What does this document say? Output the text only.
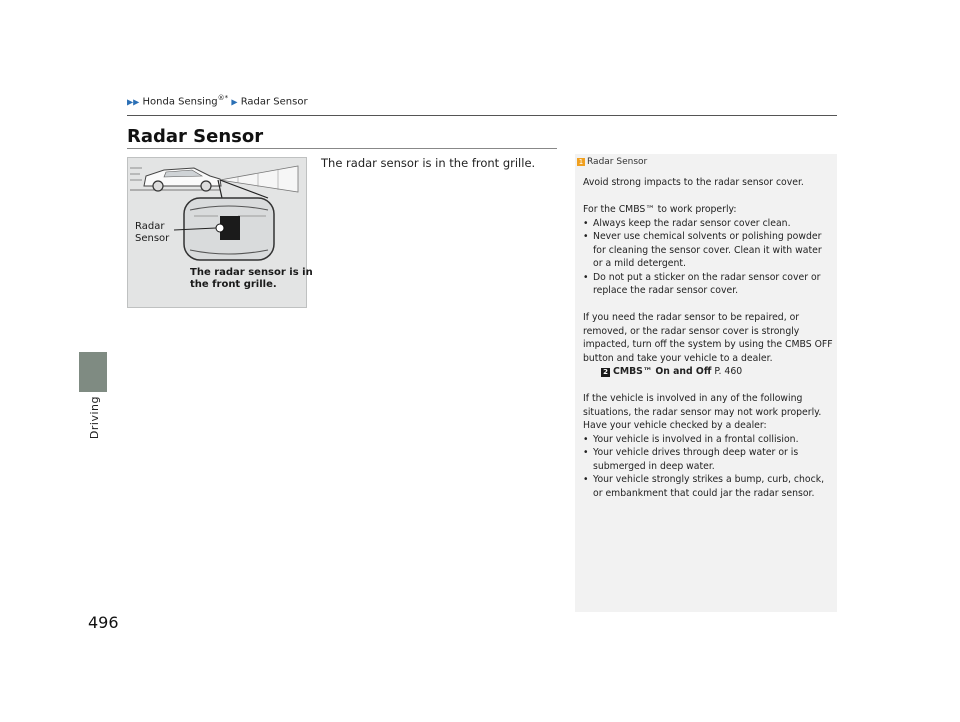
▶▶ Honda Sensing®* ▶ Radar Sensor
Radar Sensor
Driving
496
Radar
Sensor
The radar sensor is in
the front grille.
The radar sensor is in the front grille.	1 Radar Sensor

Avoid strong impacts to the radar sensor cover.

For the CMBS™ to work properly:
• Always keep the radar sensor cover clean.
• Never use chemical solvents or polishing powder for cleaning the sensor cover. Clean it with water or a mild detergent.
• Do not put a sticker on the radar sensor cover or replace the radar sensor cover.
If you need the radar sensor to be repaired, or removed, or the radar sensor cover is strongly impacted, turn off the system by using the CMBS OFF button and take your vehicle to a dealer.
2 CMBS™ On and Off P. 460
If the vehicle is involved in any of the following situations, the radar sensor may not work properly. Have your vehicle checked by a dealer:
• Your vehicle is involved in a frontal collision.
• Your vehicle drives through deep water or is submerged in deep water.
• Your vehicle strongly strikes a bump, curb, chock, or embankment that could jar the radar sensor.
